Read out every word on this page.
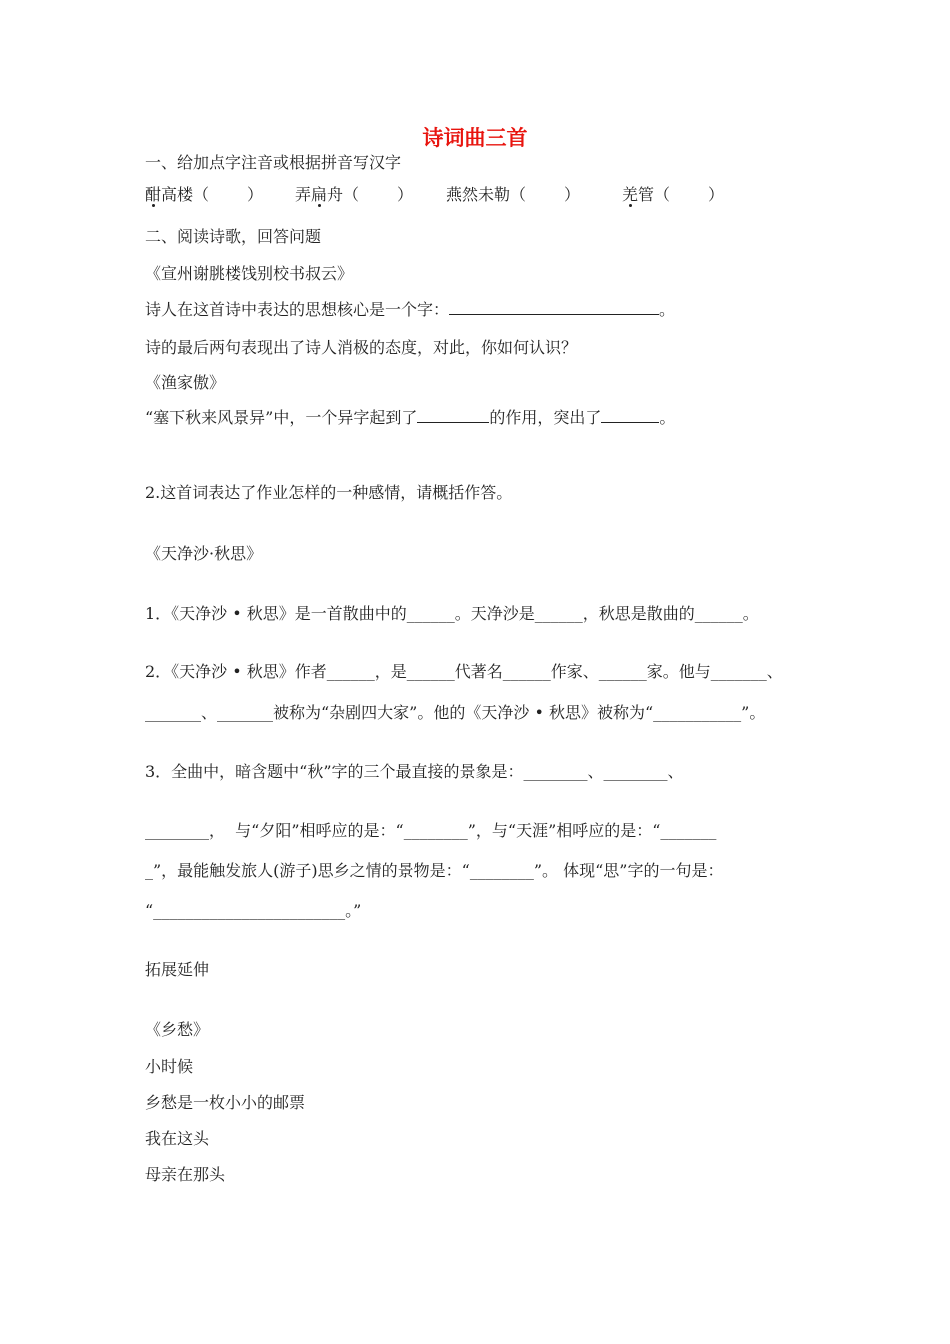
诗词曲三首
一、给加点字注音或根据拼音写汉字

酣高楼（ ）

弄扁舟（ ）

燕然未勒（ ）

	羌管（ ）

二、阅读诗歌，回答问题
《宣州谢朓楼饯别校书叔云》
诗人在这首诗中表达的思想核心是一个字：	。
诗的最后两句表现出了诗人消极的态度，对此，你如何认识？
《渔家傲》
“塞下秋来风景异”中，一个异字起到了	的作用，突出了	。
2.这首词表达了作业怎样的一种感情，请概括作答。
《天净沙·秋思》
1．《天净沙 • 秋思》是一首散曲中的______。天净沙是______，秋思是散曲的______。
2．《天净沙 • 秋思》作者______，是______代著名______作家、______家。他与_______、
_______、_______被称为“杂剧四大家”。他的《天净沙 • 秋思》被称为“___________”。
3．全曲中，暗含题中“秋”字的三个最直接的景象是：________、________、
________，  与“夕阳”相呼应的是：“________”，与“天涯”相呼应的是：“_______
_”，最能触发旅人(游子)思乡之情的景物是：“________”。 体现“思”字的一句是：
“________________________。”
拓展延伸
《乡愁》
小时候
乡愁是一枚小小的邮票
我在这头
母亲在那头
